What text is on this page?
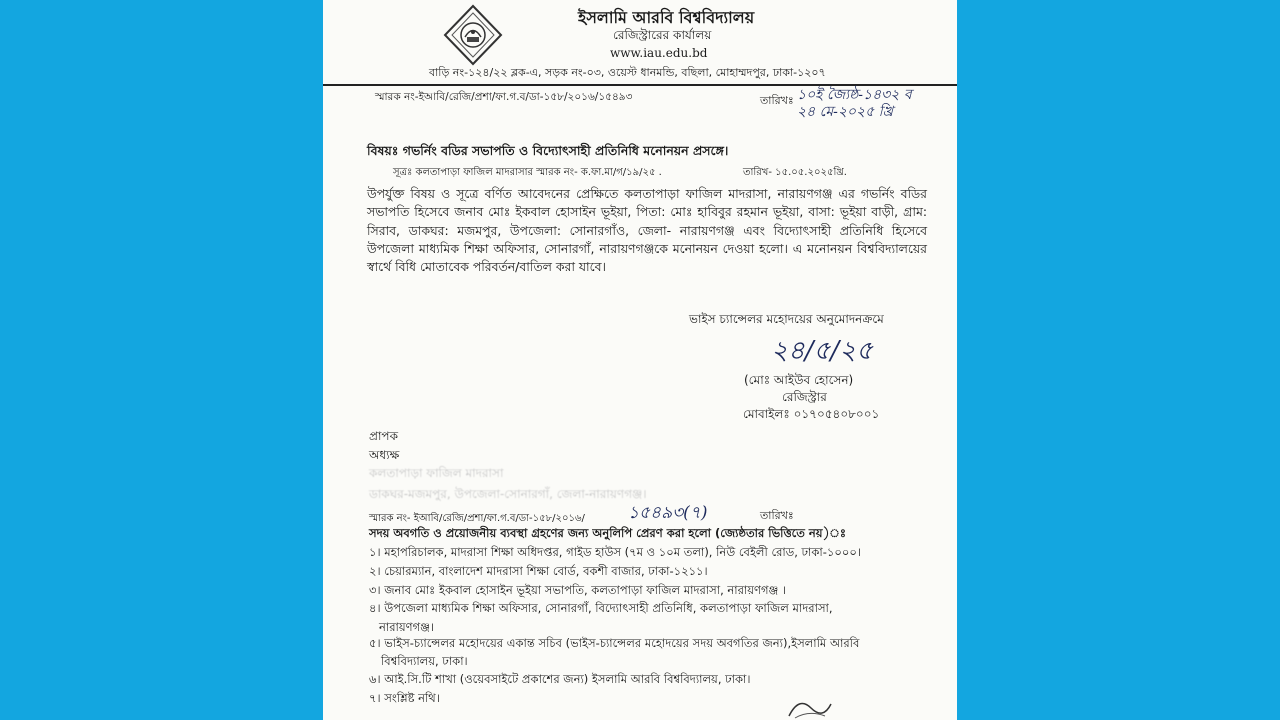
ইসলামি আরবি বিশ্ববিদ্যালয়
রেজিস্ট্রারের কার্যালয়
www.iau.edu.bd
বাড়ি নং-১২৪/২২ ব্লক-এ, সড়ক নং-০৩, ওয়েস্ট ধানমন্ডি, বছিলা, মোহাম্মদপুর, ঢাকা-১২০৭
স্মারক নং-ইআবি/রেজি/প্রশা/ফা.গ.ব/ডা-১৫৮/২০১৬/১৫৪৯৩	তারিখঃ ১০ই জ্যৈষ্ঠ-১৪৩২ ব
২৪ মে-২০২৫ খ্রি
বিষয়ঃ গভর্নিং বডির সভাপতি ও বিদ্যোৎসাহী প্রতিনিধি মনোনয়ন প্রসঙ্গে।
সূত্রঃ কলতাপাড়া ফাজিল মাদরাসার স্মারক নং- ক.ফা.মা/গ/১৯/২৫ .	তারিখ- ১৫.০৫.২০২৫খ্রি.
উপর্যুক্ত বিষয় ও সূত্রে বর্ণিত আবেদনের প্রেক্ষিতে কলতাপাড়া ফাজিল মাদরাসা, নারায়ণগঞ্জ এর গভর্নিং বডির সভাপতি হিসেবে জনাব মোঃ ইকবাল হোসাইন ভূইয়া, পিতা: মোঃ হাবিবুর রহমান ভূইয়া, বাসা: ভূইয়া বাড়ী, গ্রাম: সিরাব, ডাকঘর: মজমপুর, উপজেলা: সোনারগাঁও, জেলা- নারায়ণগঞ্জ এবং বিদ্যোৎসাহী প্রতিনিধি হিসেবে উপজেলা মাধ্যমিক শিক্ষা অফিসার, সোনারগাঁ, নারায়ণগঞ্জকে মনোনয়ন দেওয়া হলো। এ মনোনয়ন বিশ্ববিদ্যালয়ের স্বার্থে বিধি মোতাবেক পরিবর্তন/বাতিল করা যাবে।
ভাইস চ্যান্সেলর মহোদয়ের অনুমোদনক্রমে
২৪/৫/২৫
(মোঃ আইউব হোসেন)
রেজিস্ট্রার
মোবাইলঃ ০১৭০৫৪০৮০০১
প্রাপক
অধ্যক্ষ
কলতাপাড়া ফাজিল মাদরাসা
ডাকঘর-মজমপুর, উপজেলা-সোনারগাঁ, জেলা-নারায়ণগঞ্জ।
স্মারক নং- ইআবি/রেজি/প্রশা/ফা.গ.ব/ডা-১৫৮/২০১৬/	১৫৪৯৩(৭)	তারিখঃ
সদয় অবগতি ও প্রয়োজনীয় ব্যবস্থা গ্রহণের জন্য অনুলিপি প্রেরণ করা হলো (জ্যেষ্ঠতার ভিত্তিতে নয়)ঃ
১। মহাপরিচালক, মাদরাসা শিক্ষা অধিদপ্তর, গাইড হাউস (৭ম ও ১০ম তলা), নিউ বেইলী রোড, ঢাকা-১০০০।
২। চেয়ারম্যান, বাংলাদেশ মাদরাসা শিক্ষা বোর্ড, বকশী বাজার, ঢাকা-১২১১।
৩। জনাব মোঃ ইকবাল হোসাইন ভূইয়া সভাপতি, কলতাপাড়া ফাজিল মাদরাসা, নারায়ণগঞ্জ ।
৪। উপজেলা মাধ্যমিক শিক্ষা অফিসার, সোনারগাঁ, বিদ্যোৎসাহী প্রতিনিধি, কলতাপাড়া ফাজিল মাদরাসা,
নারায়ণগঞ্জ।
৫। ভাইস-চ্যান্সেলর মহোদয়ের একান্ত সচিব (ভাইস-চ্যান্সেলর মহোদয়ের সদয় অবগতির জন্য),ইসলামি আরবি
বিশ্ববিদ্যালয়, ঢাকা।
৬। আই.সি.টি শাখা (ওয়েবসাইটে প্রকাশের জন্য) ইসলামি আরবি বিশ্ববিদ্যালয়, ঢাকা।
৭। সংশ্লিষ্ট নথি।
